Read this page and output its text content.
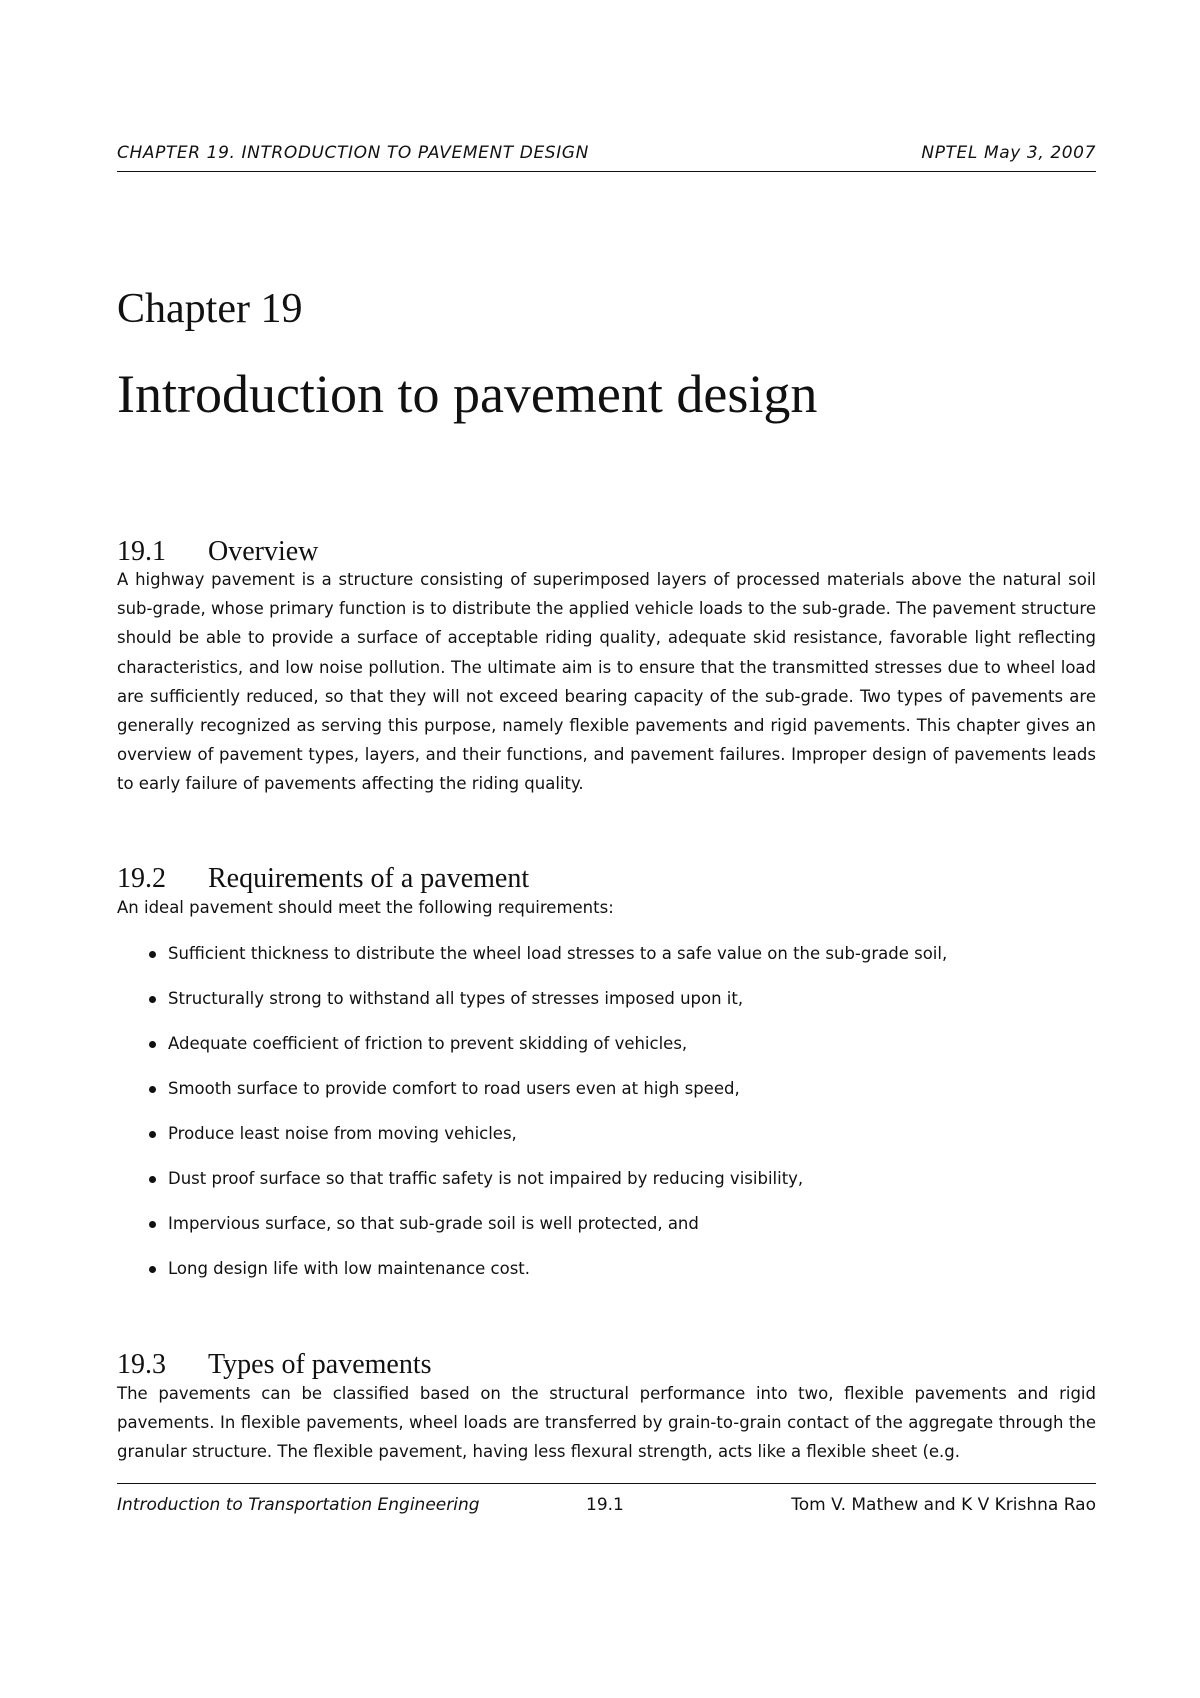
CHAPTER 19. INTRODUCTION TO PAVEMENT DESIGN	NPTEL May 3, 2007
Chapter 19
Introduction to pavement design
19.1 Overview

A highway pavement is a structure consisting of superimposed layers of processed materials above the natural soil sub-grade, whose primary function is to distribute the applied vehicle loads to the sub-grade. The pavement structure should be able to provide a surface of acceptable riding quality, adequate skid resistance, favorable light reflecting characteristics, and low noise pollution. The ultimate aim is to ensure that the transmitted stresses due to wheel load are sufficiently reduced, so that they will not exceed bearing capacity of the sub-grade. Two types of pavements are generally recognized as serving this purpose, namely flexible pavements and rigid pavements. This chapter gives an overview of pavement types, layers, and their functions, and pavement failures. Improper design of pavements leads to early failure of pavements affecting the riding quality.

19.2 Requirements of a pavement

An ideal pavement should meet the following requirements:

Sufficient thickness to distribute the wheel load stresses to a safe value on the sub-grade soil,
Structurally strong to withstand all types of stresses imposed upon it,
Adequate coefficient of friction to prevent skidding of vehicles,
Smooth surface to provide comfort to road users even at high speed,
Produce least noise from moving vehicles,
Dust proof surface so that traffic safety is not impaired by reducing visibility,
Impervious surface, so that sub-grade soil is well protected, and
Long design life with low maintenance cost.
19.3 Types of pavements

The pavements can be classified based on the structural performance into two, flexible pavements and rigid pavements. In flexible pavements, wheel loads are transferred by grain-to-grain contact of the aggregate through the granular structure. The flexible pavement, having less flexural strength, acts like a flexible sheet (e.g.

Introduction to Transportation Engineering	19.1	Tom V. Mathew and K V Krishna Rao
